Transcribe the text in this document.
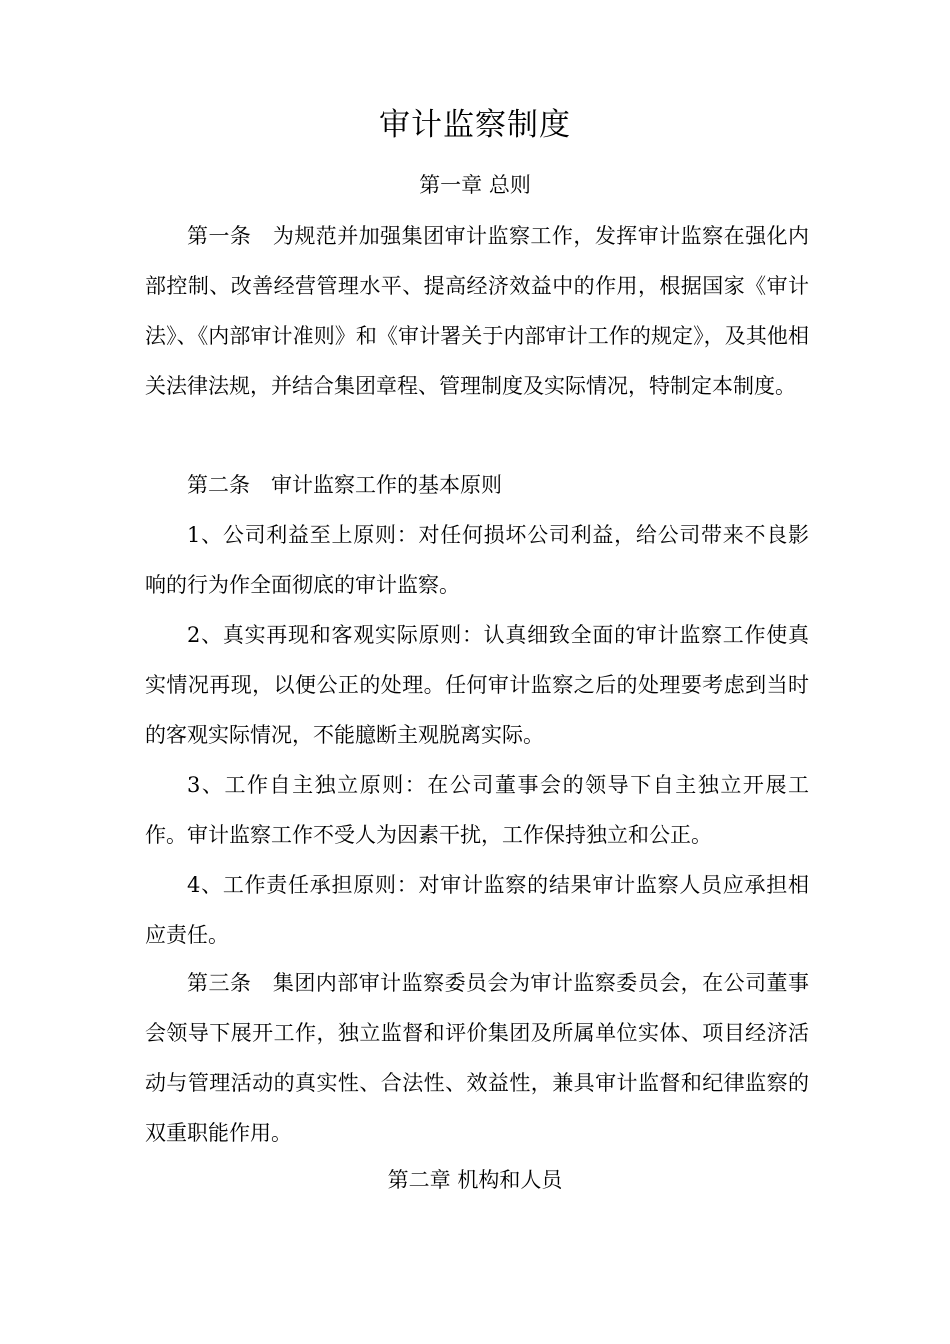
审计监察制度
第一章 总则

第一条　为规范并加强集团审计监察工作，发挥审计监察在强化内部控制、改善经营管理水平、提高经济效益中的作用，根据国家《审计法》、《内部审计准则》和《审计署关于内部审计工作的规定》，及其他相关法律法规，并结合集团章程、管理制度及实际情况，特制定本制度。

第二条　审计监察工作的基本原则

1、公司利益至上原则：对任何损坏公司利益，给公司带来不良影响的行为作全面彻底的审计监察。

2、真实再现和客观实际原则：认真细致全面的审计监察工作使真实情况再现，以便公正的处理。任何审计监察之后的处理要考虑到当时的客观实际情况，不能臆断主观脱离实际。

3、工作自主独立原则：在公司董事会的领导下自主独立开展工作。审计监察工作不受人为因素干扰，工作保持独立和公正。

4、工作责任承担原则：对审计监察的结果审计监察人员应承担相应责任。

第三条　集团内部审计监察委员会为审计监察委员会，在公司董事会领导下展开工作，独立监督和评价集团及所属单位实体、项目经济活动与管理活动的真实性、合法性、效益性，兼具审计监督和纪律监察的双重职能作用。

第二章 机构和人员
